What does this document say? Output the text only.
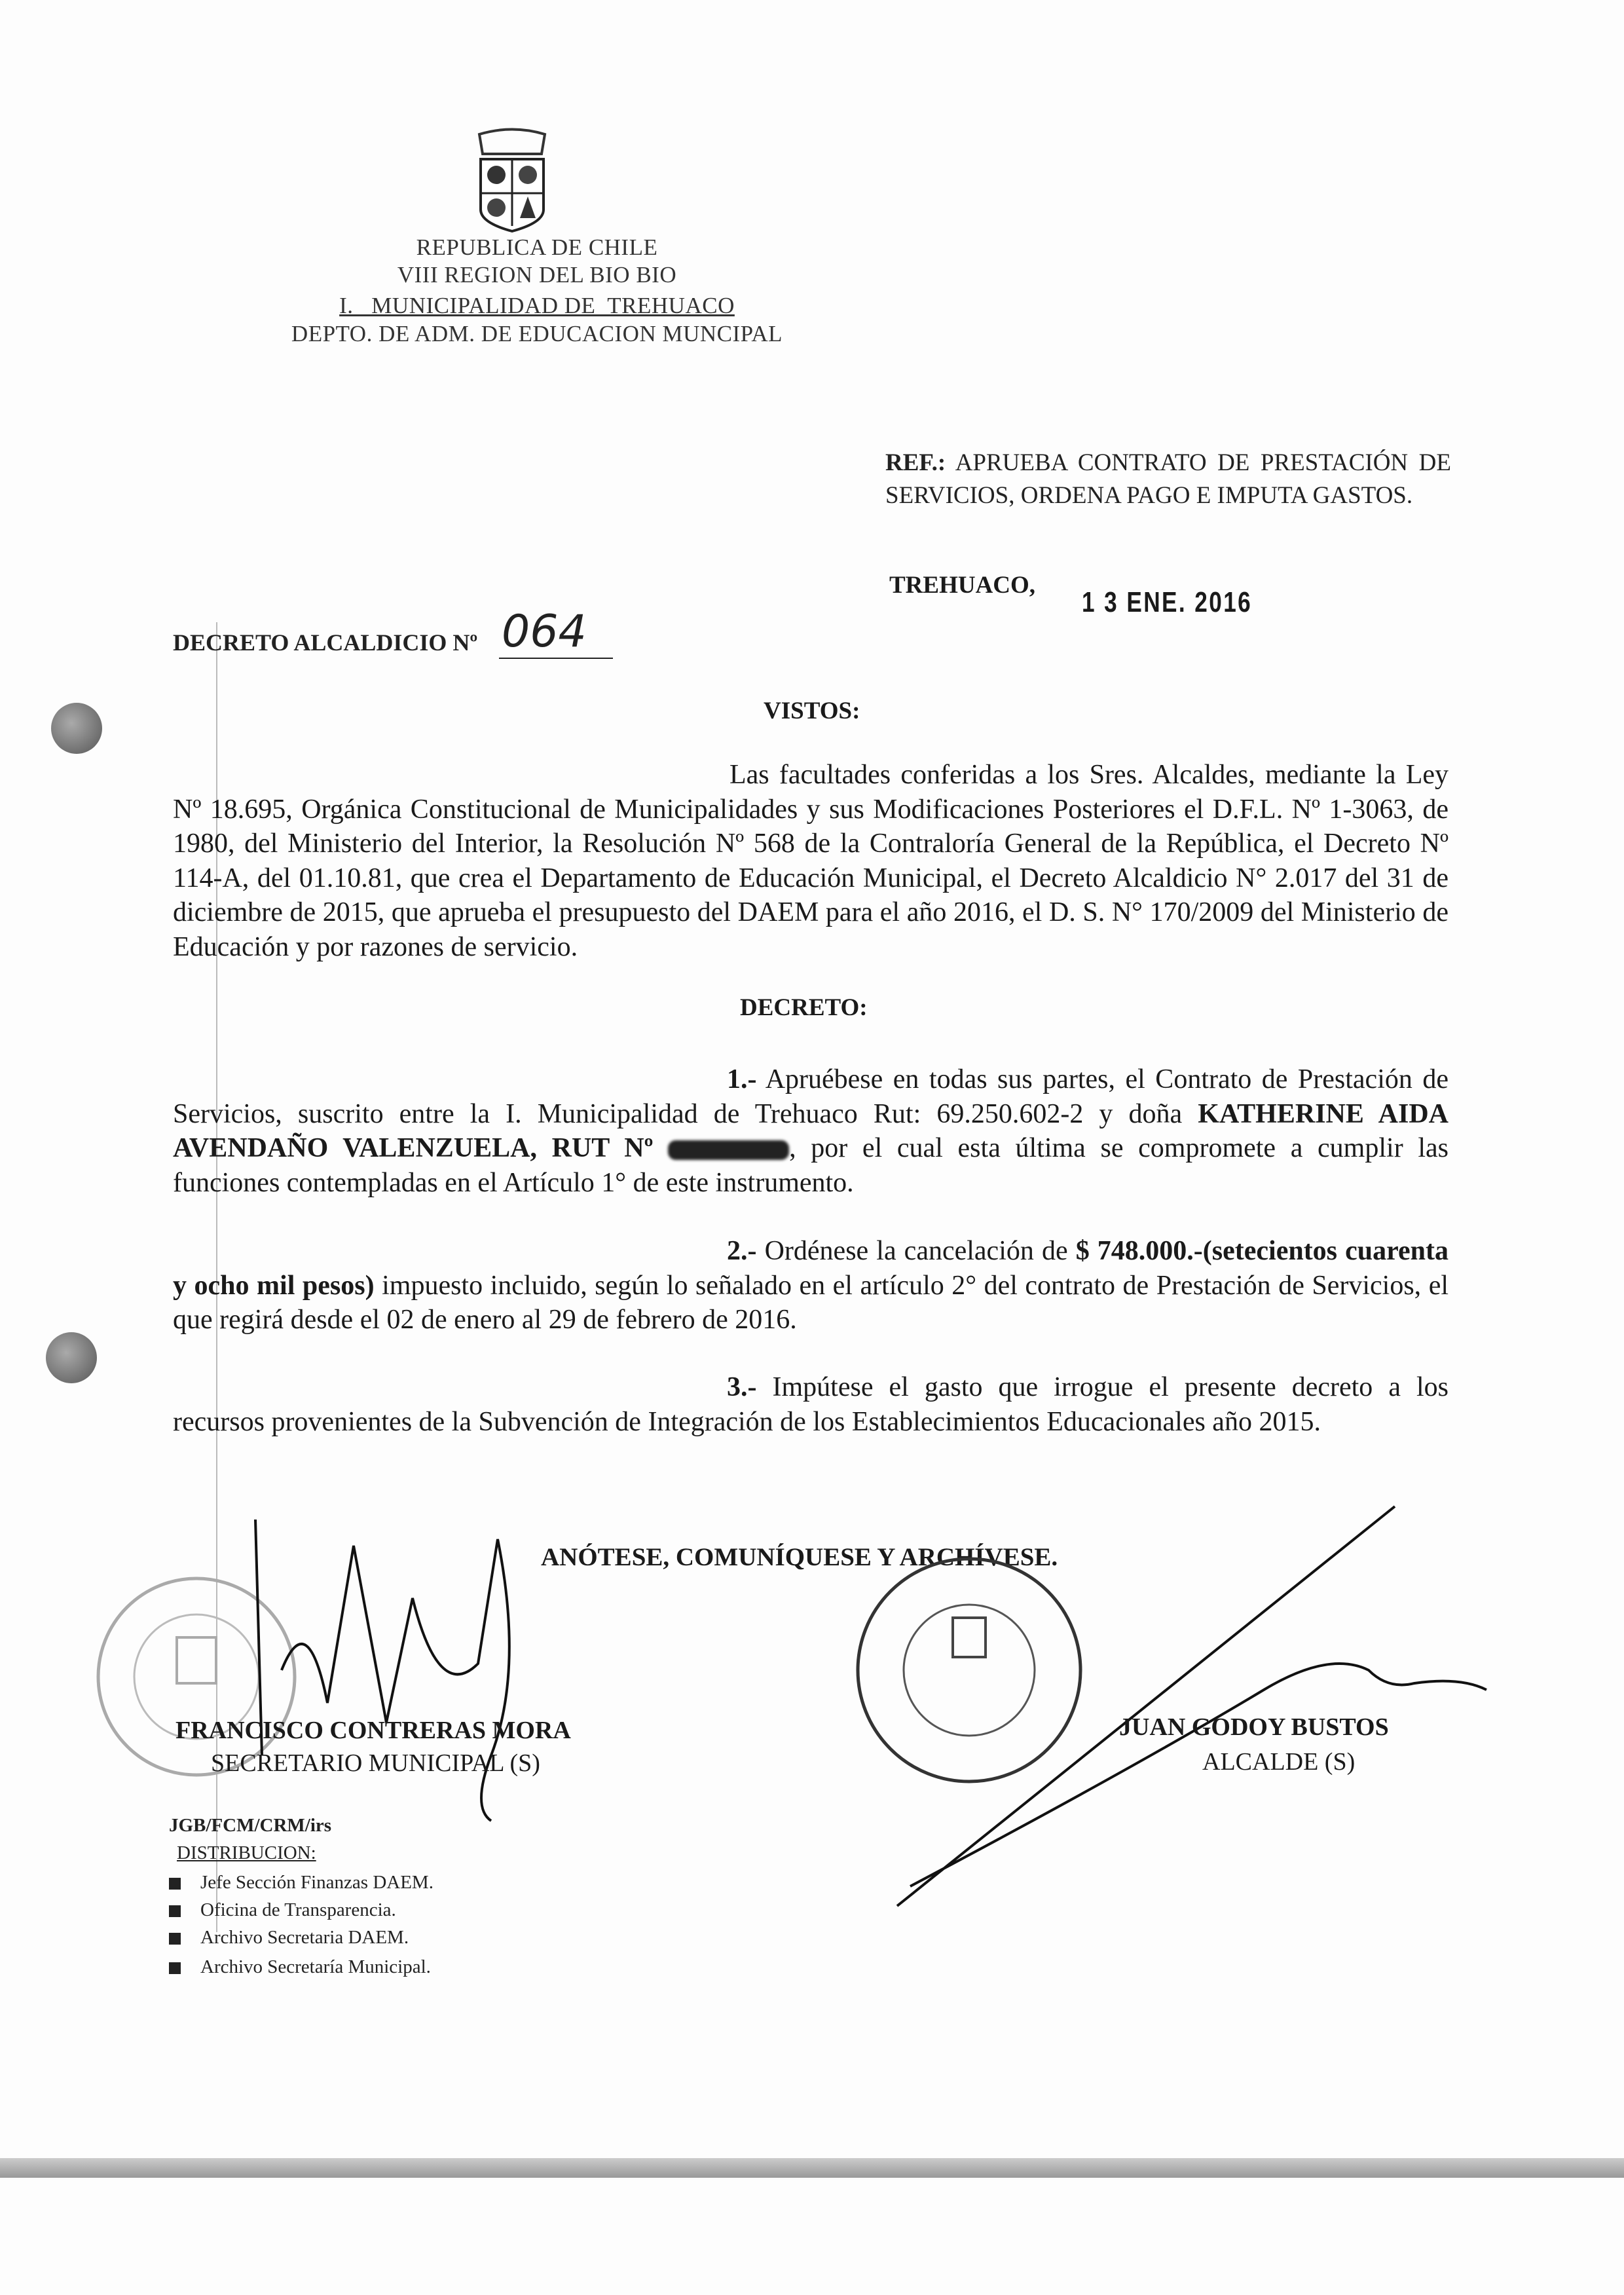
REPUBLICA DE CHILE
VIII REGION DEL BIO BIO
I.   MUNICIPALIDAD DE  TREHUACO
DEPTO. DE ADM. DE EDUCACION MUNCIPAL
REF.: APRUEBA CONTRATO DE PRESTACIÓN DE SERVICIOS, ORDENA PAGO E IMPUTA GASTOS.
TREHUACO,
1 3 ENE. 2016
DECRETO ALCALDICIO Nº 064
VISTOS:
Las facultades conferidas a los Sres. Alcaldes, mediante la Ley Nº 18.695, Orgánica Constitucional de Municipalidades y sus Modificaciones Posteriores el D.F.L. Nº 1-3063, de 1980, del Ministerio del Interior, la Resolución Nº 568 de la Contraloría General de la República, el Decreto Nº 114-A, del 01.10.81, que crea el Departamento de Educación Municipal, el Decreto Alcaldicio N° 2.017 del 31 de diciembre de 2015, que aprueba el presupuesto del DAEM para el año 2016, el D. S. N° 170/2009 del Ministerio de Educación y por razones de servicio.
DECRETO:
1.- Apruébese en todas sus partes, el Contrato de Prestación de Servicios, suscrito entre la I. Municipalidad de Trehuaco Rut: 69.250.602-2 y doña KATHERINE AIDA AVENDAÑO VALENZUELA, RUT Nº	, por el cual esta última se compromete a cumplir las funciones contempladas en el Artículo 1° de este instrumento.
2.- Ordénese la cancelación de $ 748.000.-(setecientos cuarenta y ocho mil pesos) impuesto incluido, según lo señalado en el artículo 2° del contrato de Prestación de Servicios, el que regirá desde el 02 de enero al 29 de febrero de 2016.
3.- Impútese el gasto que irrogue el presente decreto a los recursos provenientes de la Subvención de Integración de los Establecimientos Educacionales año 2015.
ANÓTESE, COMUNÍQUESE Y ARCHÍVESE.
FRANCISCO CONTRERAS MORA
SECRETARIO MUNICIPAL (S)
JUAN GODOY BUSTOS
ALCALDE (S)
JGB/FCM/CRM/irs
DISTRIBUCION:
Jefe Sección Finanzas DAEM.
Oficina de Transparencia.
Archivo Secretaria DAEM.
Archivo Secretaría Municipal.
